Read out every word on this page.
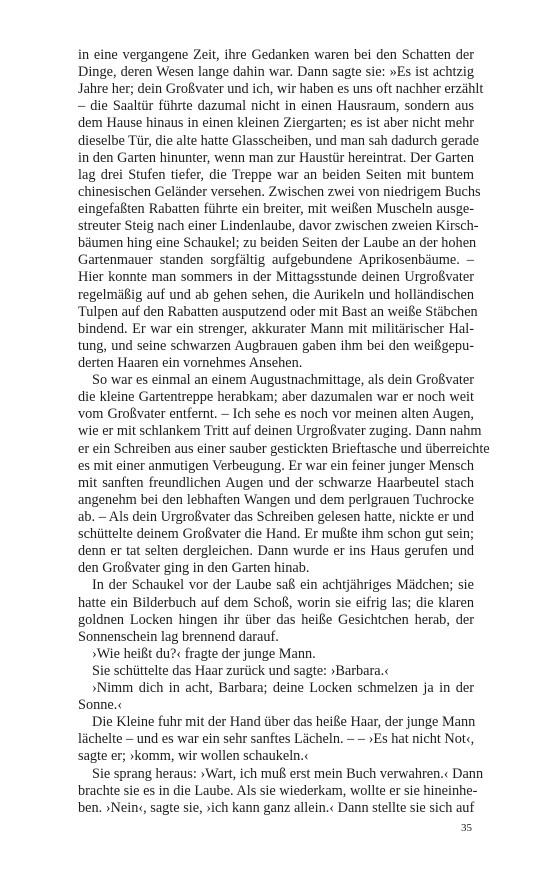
in eine vergangene Zeit, ihre Gedanken waren bei den Schatten der
Dinge, deren Wesen lange dahin war. Dann sagte sie: »Es ist achtzig
Jahre her; dein Großvater und ich, wir haben es uns oft nachher erzählt
– die Saaltür führte dazumal nicht in einen Hausraum, sondern aus
dem Hause hinaus in einen kleinen Ziergarten; es ist aber nicht mehr
dieselbe Tür, die alte hatte Glasscheiben, und man sah dadurch gerade
in den Garten hinunter, wenn man zur Haustür hereintrat. Der Garten
lag drei Stufen tiefer, die Treppe war an beiden Seiten mit buntem
chinesischen Geländer versehen. Zwischen zwei von niedrigem Buchs
eingefaßten Rabatten führte ein breiter, mit weißen Muscheln ausge-
streuter Steig nach einer Lindenlaube, davor zwischen zweien Kirsch-
bäumen hing eine Schaukel; zu beiden Seiten der Laube an der hohen
Gartenmauer standen sorgfältig aufgebundene Aprikosenbäume. –
Hier konnte man sommers in der Mittagsstunde deinen Urgroßvater
regelmäßig auf und ab gehen sehen, die Aurikeln und holländischen
Tulpen auf den Rabatten ausputzend oder mit Bast an weiße Stäbchen
bindend. Er war ein strenger, akkurater Mann mit militärischer Hal-
tung, und seine schwarzen Augbrauen gaben ihm bei den weißgepu-
derten Haaren ein vornehmes Ansehen.
So war es einmal an einem Augustnachmittage, als dein Großvater
die kleine Gartentreppe herabkam; aber dazumalen war er noch weit
vom Großvater entfernt. – Ich sehe es noch vor meinen alten Augen,
wie er mit schlankem Tritt auf deinen Urgroßvater zuging. Dann nahm
er ein Schreiben aus einer sauber gestickten Brieftasche und überreichte
es mit einer anmutigen Verbeugung. Er war ein feiner junger Mensch
mit sanften freundlichen Augen und der schwarze Haarbeutel stach
angenehm bei den lebhaften Wangen und dem perlgrauen Tuchrocke
ab. – Als dein Urgroßvater das Schreiben gelesen hatte, nickte er und
schüttelte deinem Großvater die Hand. Er mußte ihm schon gut sein;
denn er tat selten dergleichen. Dann wurde er ins Haus gerufen und
den Großvater ging in den Garten hinab.
In der Schaukel vor der Laube saß ein achtjähriges Mädchen; sie
hatte ein Bilderbuch auf dem Schoß, worin sie eifrig las; die klaren
goldnen Locken hingen ihr über das heiße Gesichtchen herab, der
Sonnenschein lag brennend darauf.
›Wie heißt du?‹ fragte der junge Mann.
Sie schüttelte das Haar zurück und sagte: ›Barbara.‹
›Nimm dich in acht, Barbara; deine Locken schmelzen ja in der
Sonne.‹
Die Kleine fuhr mit der Hand über das heiße Haar, der junge Mann
lächelte – und es war ein sehr sanftes Lächeln. – – ›Es hat nicht Not‹,
sagte er; ›komm, wir wollen schaukeln.‹
Sie sprang heraus: ›Wart, ich muß erst mein Buch verwahren.‹ Dann
brachte sie es in die Laube. Als sie wiederkam, wollte er sie hineinhe-
ben. ›Nein‹, sagte sie, ›ich kann ganz allein.‹ Dann stellte sie sich auf
35
